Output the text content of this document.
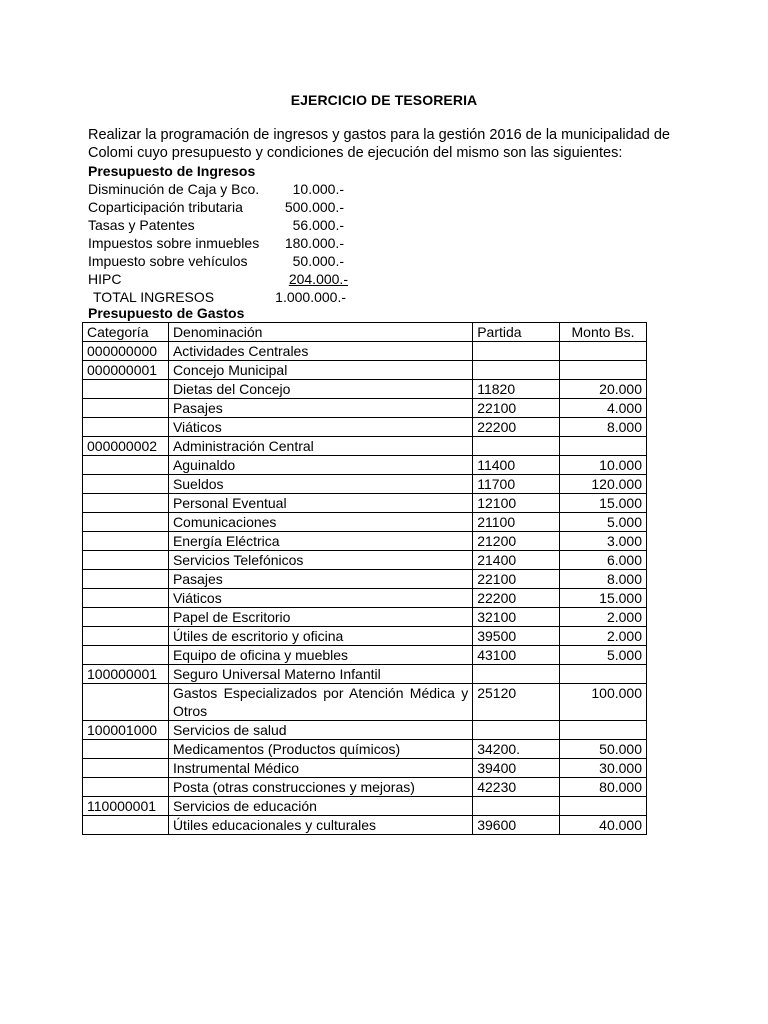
EJERCICIO DE TESORERIA
Realizar la programación de ingresos y gastos para la gestión 2016 de la municipalidad de Colomi cuyo presupuesto y condiciones de ejecución del mismo son las siguientes:
Presupuesto de Ingresos
Disminución de Caja y Bco. 10.000.-
Coparticipación tributaria	500.000.-
Tasas y Patentes	56.000.-
Impuestos sobre inmuebles 180.000.-
Impuesto sobre vehículos	50.000.-
HIPC	204.000.-
TOTAL INGRESOS	1.000.000.-
Presupuesto de Gastos
Categoría	Denominación	Partida	Monto Bs.
000000000	Actividades Centrales		
000000001	Concejo Municipal		
	Dietas del Concejo	11820	20.000
	Pasajes	22100	4.000
	Viáticos	22200	8.000
000000002	Administración Central		
	Aguinaldo	11400	10.000
	Sueldos	11700	120.000
	Personal Eventual	12100	15.000
	Comunicaciones	21100	5.000
	Energía Eléctrica	21200	3.000
	Servicios Telefónicos	21400	6.000
	Pasajes	22100	8.000
	Viáticos	22200	15.000
	Papel de Escritorio	32100	2.000
	Útiles de escritorio y oficina	39500	2.000
	Equipo de oficina y muebles	43100	5.000
100000001	Seguro Universal Materno Infantil		
	Gastos Especializados por Atención Médica y Otros	25120	100.000
100001000	Servicios de salud		
	Medicamentos (Productos químicos)	34200.	50.000
	Instrumental Médico	39400	30.000
	Posta (otras construcciones y mejoras)	42230	80.000
110000001	Servicios de educación		
	Útiles educacionales y culturales	39600	40.000
